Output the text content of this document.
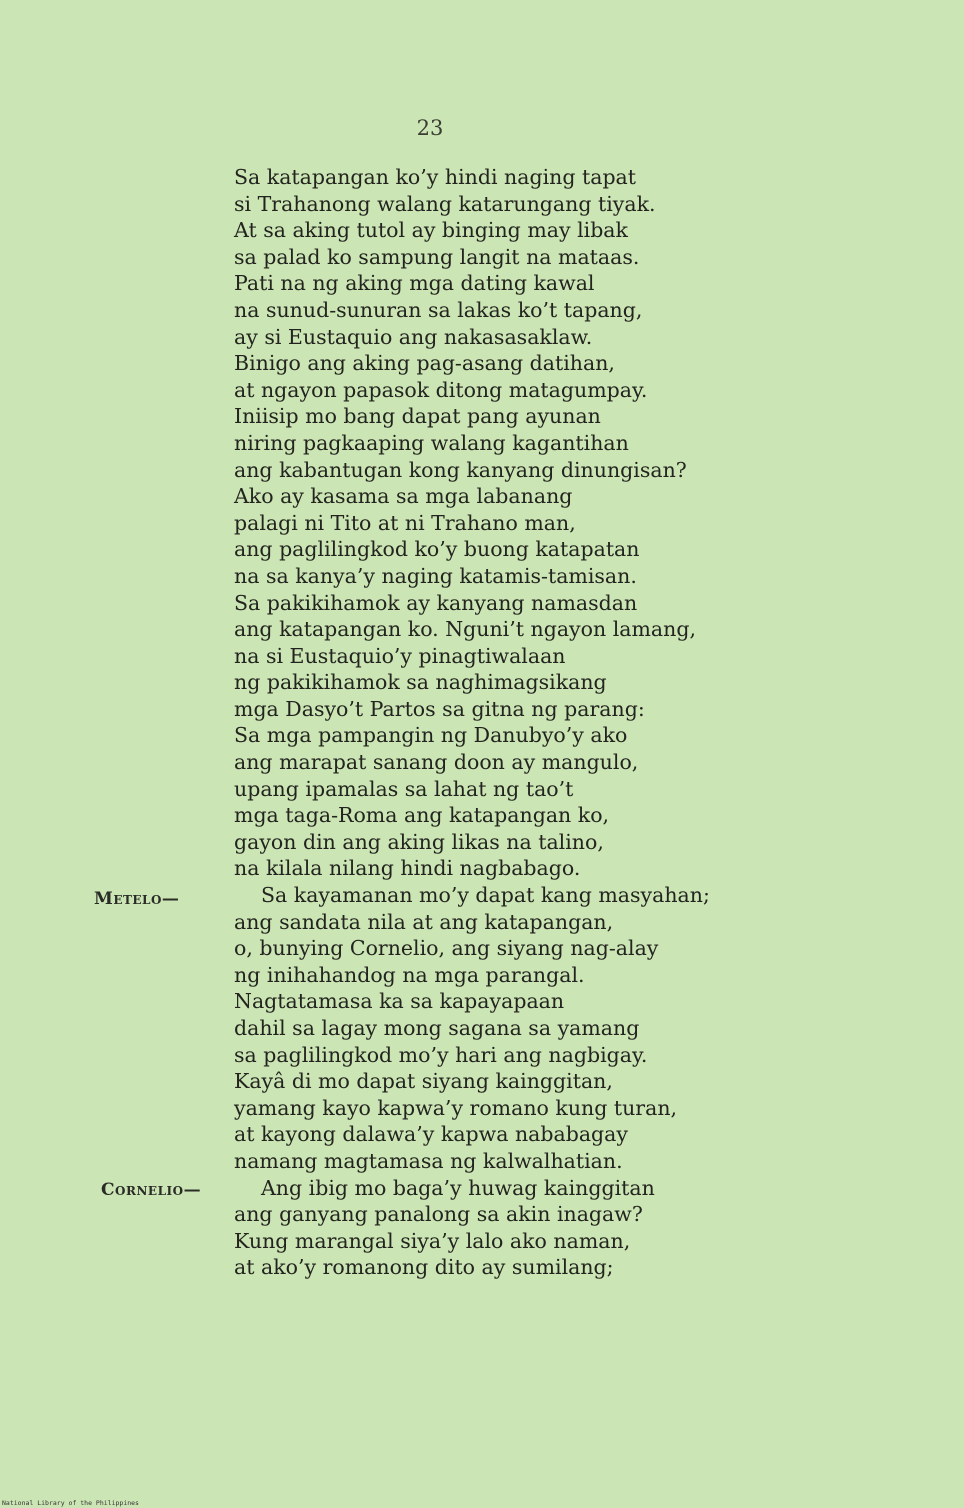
23
Sa katapangan ko’y hindi naging tapat
si Trahanong walang katarungang tiyak.
At sa aking tutol ay binging may libak
sa palad ko sampung langit na mataas.
Pati na ng aking mga dating kawal
na sunud-sunuran sa lakas ko’t tapang,
ay si Eustaquio ang nakasasaklaw.
Binigo ang aking pag-asang datihan,
at ngayon papasok ditong matagumpay.
Iniisip mo bang dapat pang ayunan
niring pagkaaping walang kagantihan
ang kabantugan kong kanyang dinungisan?
Ako ay kasama sa mga labanang
palagi ni Tito at ni Trahano man,
ang paglilingkod ko’y buong katapatan
na sa kanya’y naging katamis-tamisan.
Sa pakikihamok ay kanyang namasdan
ang katapangan ko. Nguni’t ngayon lamang,
na si Eustaquio’y pinagtiwalaan
ng pakikihamok sa naghimagsikang
mga Dasyo’t Partos sa gitna ng parang:
Sa mga pampangin ng Danubyo’y ako
ang marapat sanang doon ay mangulo,
upang ipamalas sa lahat ng tao’t
mga taga-Roma ang katapangan ko,
gayon din ang aking likas na talino,
na kilala nilang hindi nagbabago.
Sa kayamanan mo’y dapat kang masyahan;
ang sandata nila at ang katapangan,
o, bunying Cornelio, ang siyang nag-alay
ng inihahandog na mga parangal.
Nagtatamasa ka sa kapayapaan
dahil sa lagay mong sagana sa yamang
sa paglilingkod mo’y hari ang nagbigay.
Kayâ di mo dapat siyang kainggitan,
yamang kayo kapwa’y romano kung turan,
at kayong dalawa’y kapwa nababagay
namang magtamasa ng kalwalhatian.
Ang ibig mo baga’y huwag kainggitan
ang ganyang panalong sa akin inagaw?
Kung marangal siya’y lalo ako naman,
at ako’y romanong dito ay sumilang;
Metelo—
Cornelio—
National Library of the Philippines
